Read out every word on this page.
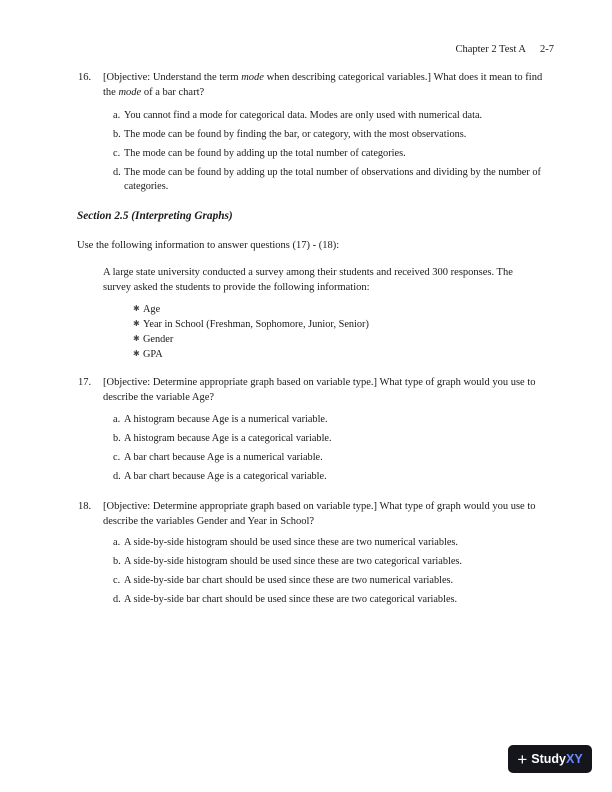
Chapter 2 Test A 2-7
16. [Objective: Understand the term mode when describing categorical variables.] What does it mean to find the mode of a bar chart?
a. You cannot find a mode for categorical data. Modes are only used with numerical data.
b. The mode can be found by finding the bar, or category, with the most observations.
c. The mode can be found by adding up the total number of categories.
d. The mode can be found by adding up the total number of observations and dividing by the number of categories.
Section 2.5 (Interpreting Graphs)
Use the following information to answer questions (17) - (18):
A large state university conducted a survey among their students and received 300 responses. The survey asked the students to provide the following information:
✱ Age
✱ Year in School (Freshman, Sophomore, Junior, Senior)
✱ Gender
✱ GPA
17. [Objective: Determine appropriate graph based on variable type.] What type of graph would you use to describe the variable Age?
a. A histogram because Age is a numerical variable.
b. A histogram because Age is a categorical variable.
c. A bar chart because Age is a numerical variable.
d. A bar chart because Age is a categorical variable.
18. [Objective: Determine appropriate graph based on variable type.] What type of graph would you use to describe the variables Gender and Year in School?
a. A side-by-side histogram should be used since these are two numerical variables.
b. A side-by-side histogram should be used since these are two categorical variables.
c. A side-by-side bar chart should be used since these are two numerical variables.
d. A side-by-side bar chart should be used since these are two categorical variables.
+ StudyXY
